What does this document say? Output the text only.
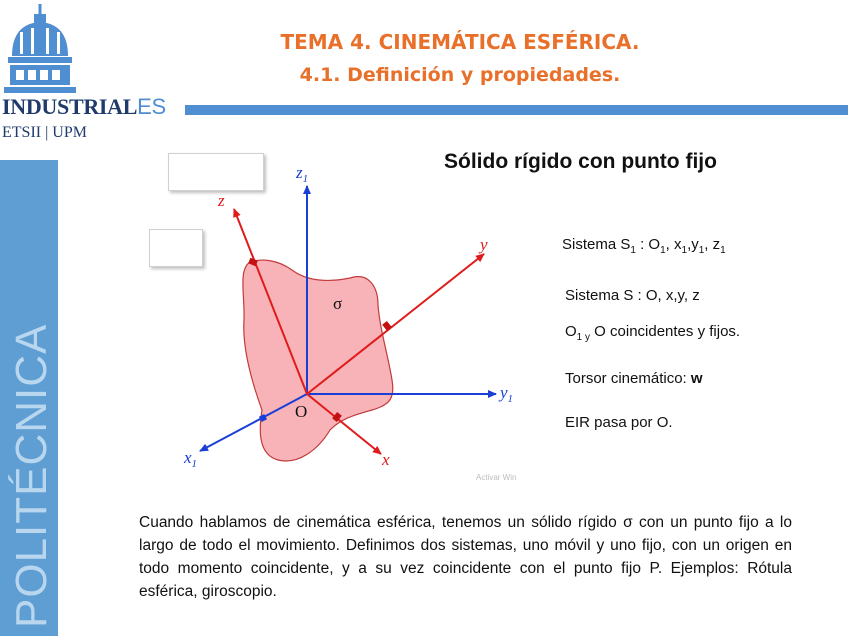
POLITÉCNICA
INDUSTRIALES
ETSII | UPM
TEMA 4. CINEMÁTICA ESFÉRICA.
4.1. Definición y propiedades.
$z_1$
z
y
$y_1$
x
$x_1$
σ
O
Sólido rígido con punto fijo
Sistema $S_1$ : $O_1$, $x_1,y_1$, $z_1$
Sistema S : O, x,y, z
$O_{1 y}$ O coincidentes y fijos.
Torsor cinemático: w
EIR pasa por O.
Activar Win
Cuando hablamos de cinemática esférica, tenemos un sólido rígido σ con un punto fijo a lo largo de todo el movimiento. Definimos dos sistemas, uno móvil y uno fijo, con un origen en todo momento coincidente, y a su vez coincidente con el punto fijo P. Ejemplos: Rótula esférica, giroscopio.
